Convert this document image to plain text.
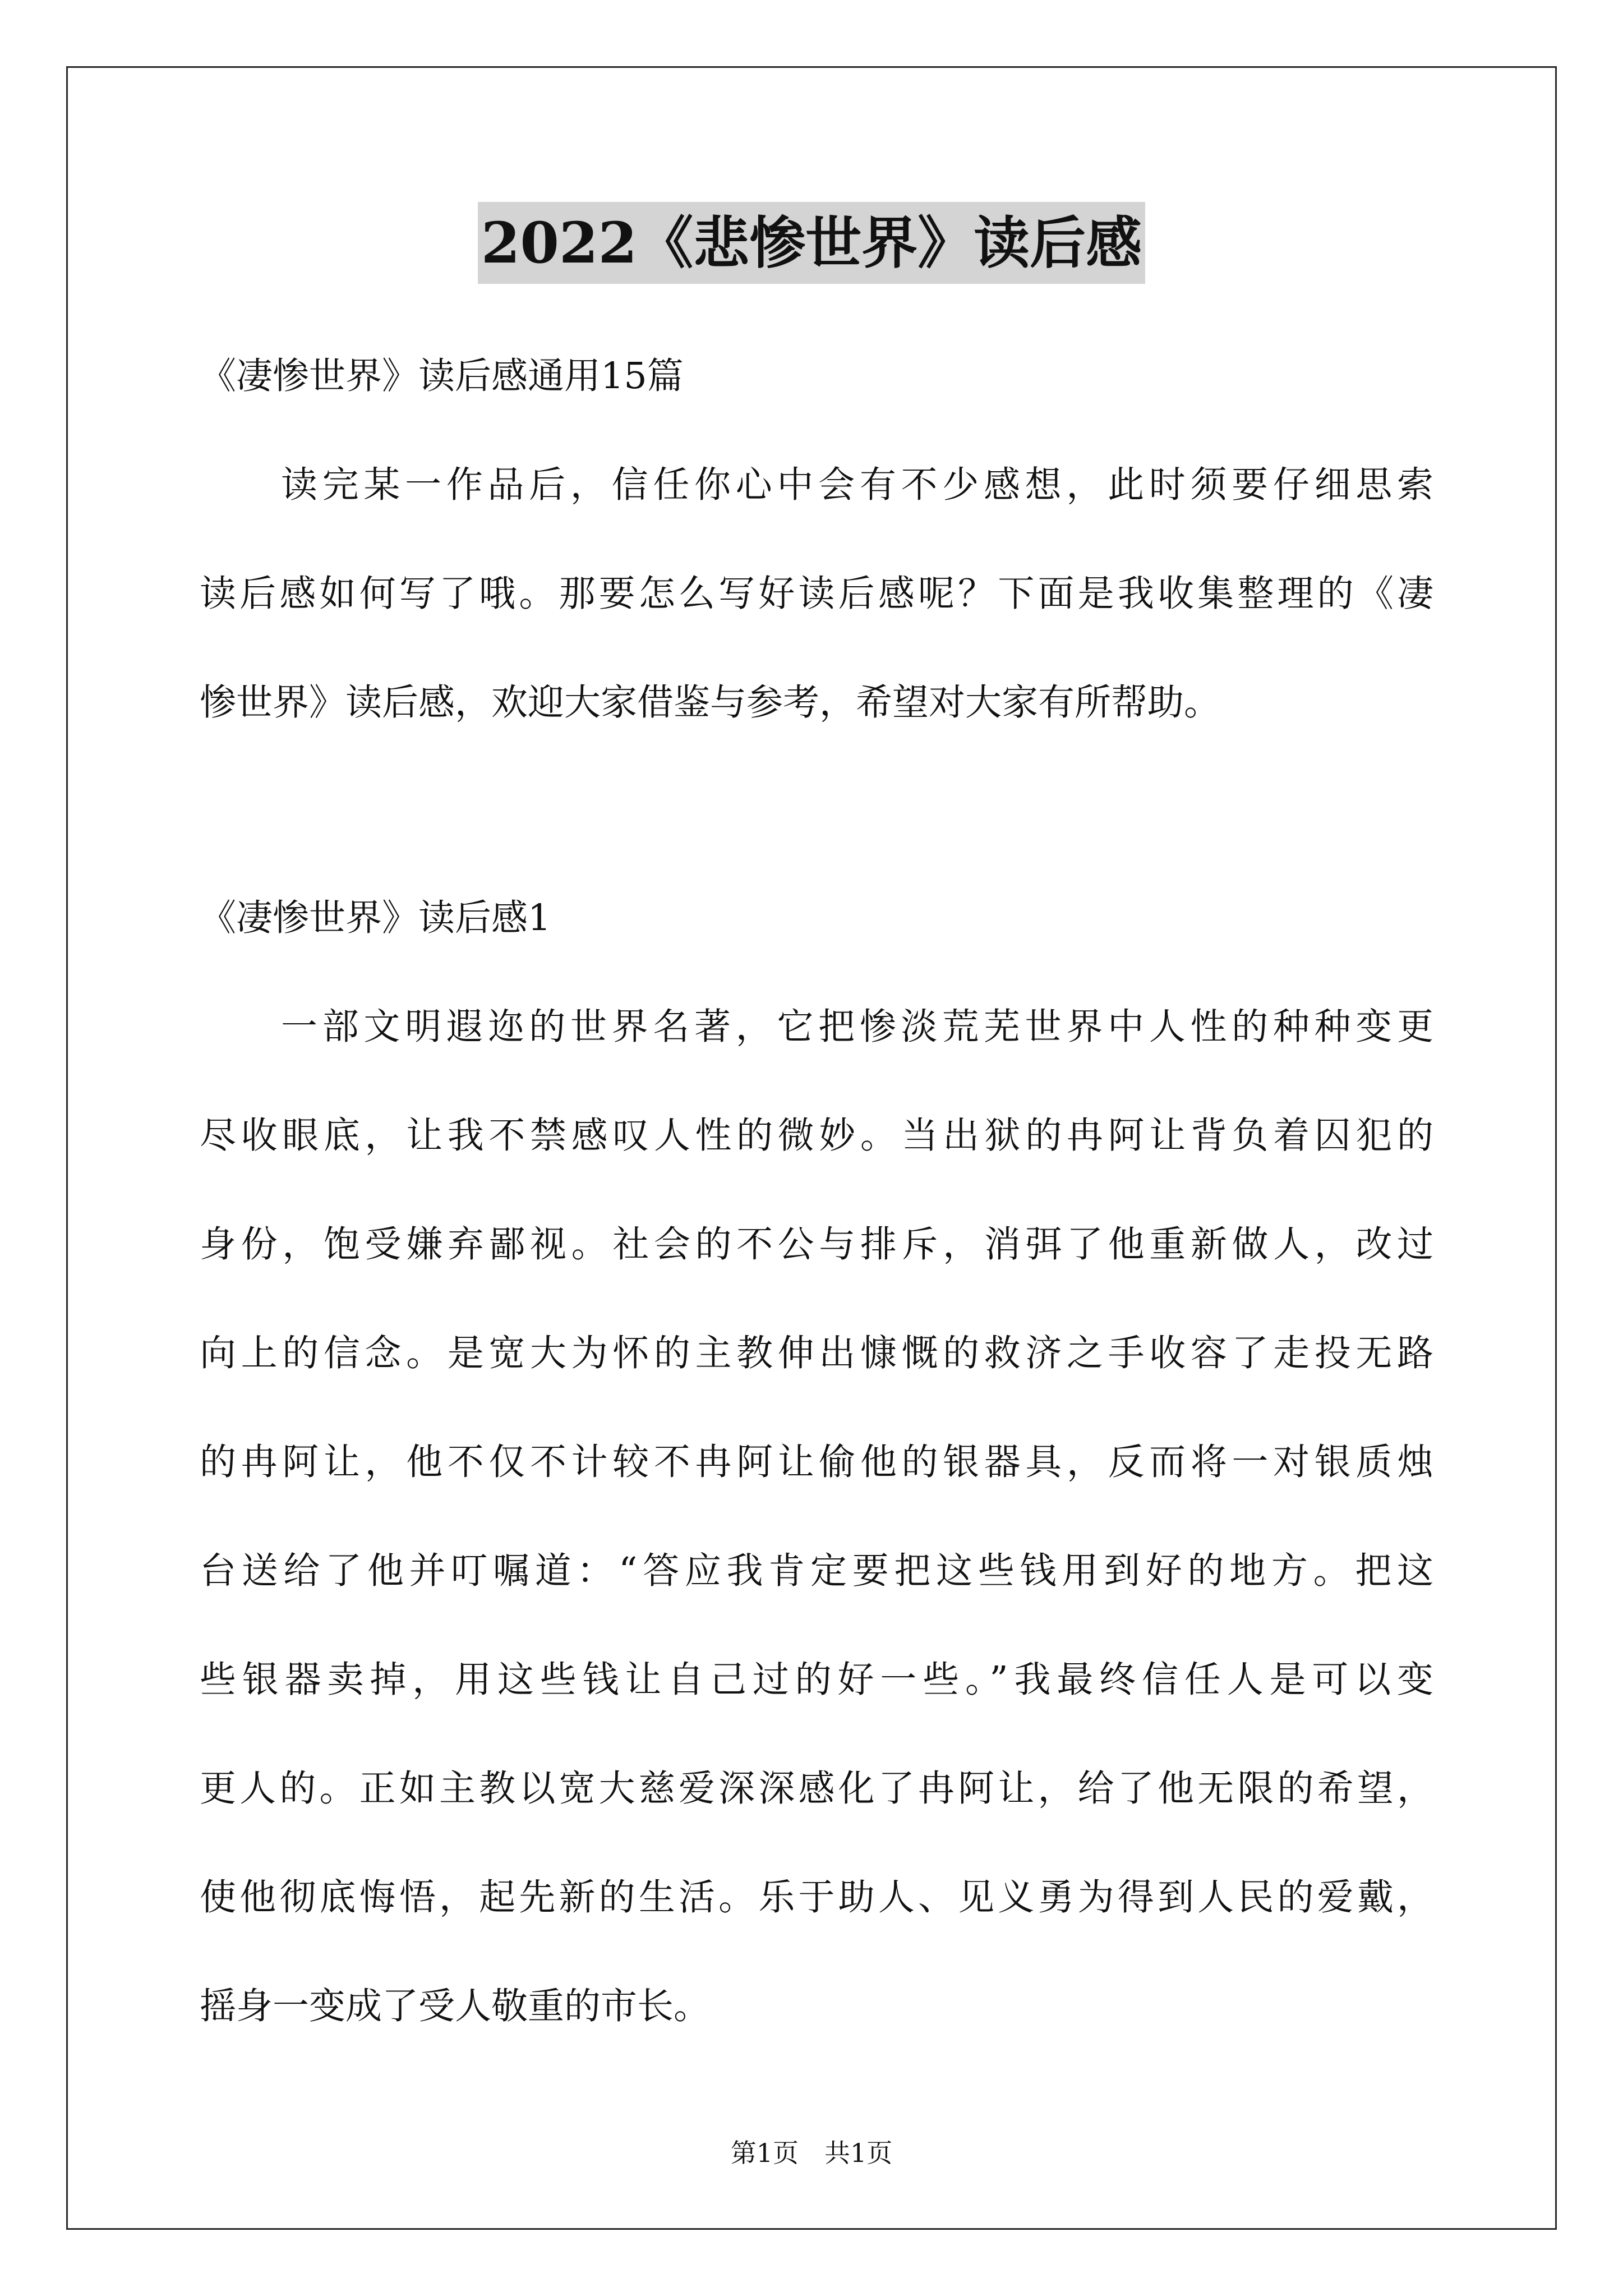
2022《悲惨世界》读后感
《凄惨世界》读后感通用15篇
读完某一作品后，信任你心中会有不少感想，此时须要仔细思索
读后感如何写了哦。那要怎么写好读后感呢？下面是我收集整理的《凄
惨世界》读后感，欢迎大家借鉴与参考，希望对大家有所帮助。
《凄惨世界》读后感1
一部文明遐迩的世界名著，它把惨淡荒芜世界中人性的种种变更
尽收眼底，让我不禁感叹人性的微妙。当出狱的冉阿让背负着囚犯的
身份，饱受嫌弃鄙视。社会的不公与排斥，消弭了他重新做人，改过
向上的信念。是宽大为怀的主教伸出慷慨的救济之手收容了走投无路
的冉阿让，他不仅不计较不冉阿让偷他的银器具，反而将一对银质烛
台送给了他并叮嘱道：“答应我肯定要把这些钱用到好的地方。把这
些银器卖掉，用这些钱让自己过的好一些。”我最终信任人是可以变
更人的。正如主教以宽大慈爱深深感化了冉阿让，给了他无限的希望，
使他彻底悔悟，起先新的生活。乐于助人、见义勇为得到人民的爱戴，
摇身一变成了受人敬重的市长。
第1页　共1页
